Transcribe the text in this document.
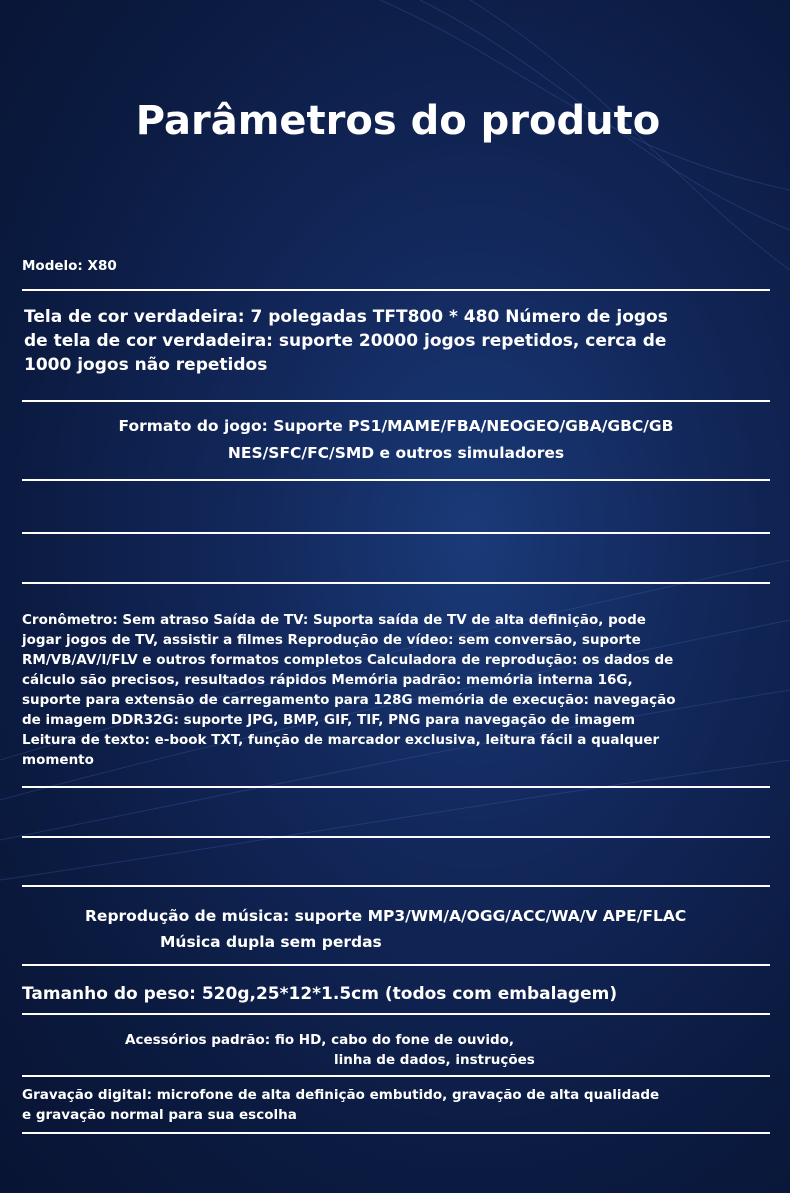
Parâmetros do produto
Modelo: X80
Tela de cor verdadeira: 7 polegadas TFT800 * 480 Número de jogos de tela de cor verdadeira: suporte 20000 jogos repetidos, cerca de 1000 jogos não repetidos
Formato do jogo: Suporte PS1/MAME/FBA/NEOGEO/GBA/GBC/GB
NES/SFC/FC/SMD e outros simuladores
Cronômetro: Sem atraso Saída de TV: Suporta saída de TV de alta definição, pode jogar jogos de TV, assistir a filmes Reprodução de vídeo: sem conversão, suporte RM/VB/AV/I/FLV e outros formatos completos Calculadora de reprodução: os dados de cálculo são precisos, resultados rápidos Memória padrão: memória interna 16G, suporte para extensão de carregamento para 128G memória de execução: navegação de imagem DDR32G: suporte JPG, BMP, GIF, TIF, PNG para navegação de imagem Leitura de texto: e-book TXT, função de marcador exclusiva, leitura fácil a qualquer momento
Reprodução de música: suporte MP3/WM/A/OGG/ACC/WA/V APE/FLAC
Música dupla sem perdas
Tamanho do peso: 520g,25*12*1.5cm (todos com embalagem)
Acessórios padrão: fio HD, cabo do fone de ouvido,
linha de dados, instruções
Gravação digital: microfone de alta definição embutido, gravação de alta qualidade e gravação normal para sua escolha
